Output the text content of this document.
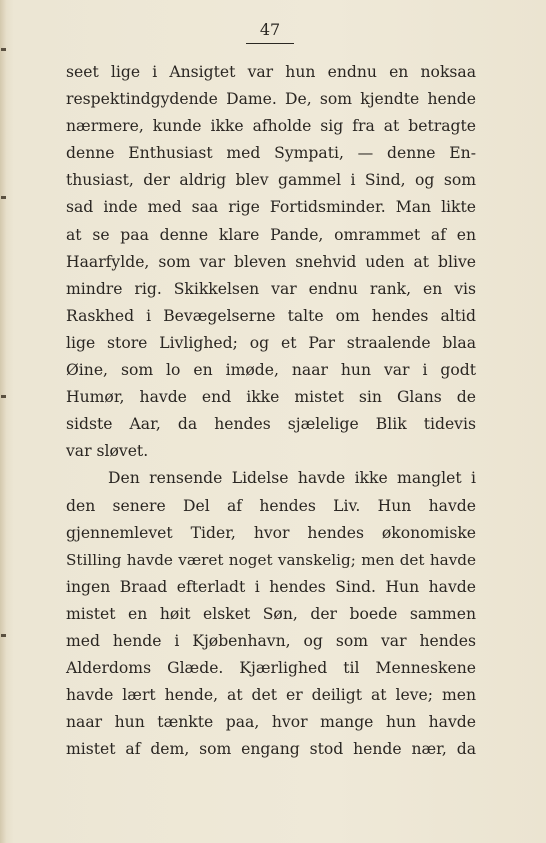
47
seet lige i Ansigtet var hun endnu en noksaa
respektindgydende Dame. De, som kjendte hende
nærmere, kunde ikke afholde sig fra at betragte
denne Enthusiast med Sympati, — denne En-
thusiast, der aldrig blev gammel i Sind, og som
sad inde med saa rige Fortidsminder. Man likte
at se paa denne klare Pande, omrammet af en
Haarfylde, som var bleven snehvid uden at blive
mindre rig. Skikkelsen var endnu rank, en vis
Raskhed i Bevægelserne talte om hendes altid
lige store Livlighed; og et Par straalende blaa
Øine, som lo en imøde, naar hun var i godt
Humør, havde end ikke mistet sin Glans de
sidste Aar, da hendes sjælelige Blik tidevis
var sløvet.
Den rensende Lidelse havde ikke manglet i
den senere Del af hendes Liv. Hun havde
gjennemlevet Tider, hvor hendes økonomiske
Stilling havde været noget vanskelig; men det havde
ingen Braad efterladt i hendes Sind. Hun havde
mistet en høit elsket Søn, der boede sammen
med hende i Kjøbenhavn, og som var hendes
Alderdoms Glæde. Kjærlighed til Menneskene
havde lært hende, at det er deiligt at leve; men
naar hun tænkte paa, hvor mange hun havde
mistet af dem, som engang stod hende nær, da
